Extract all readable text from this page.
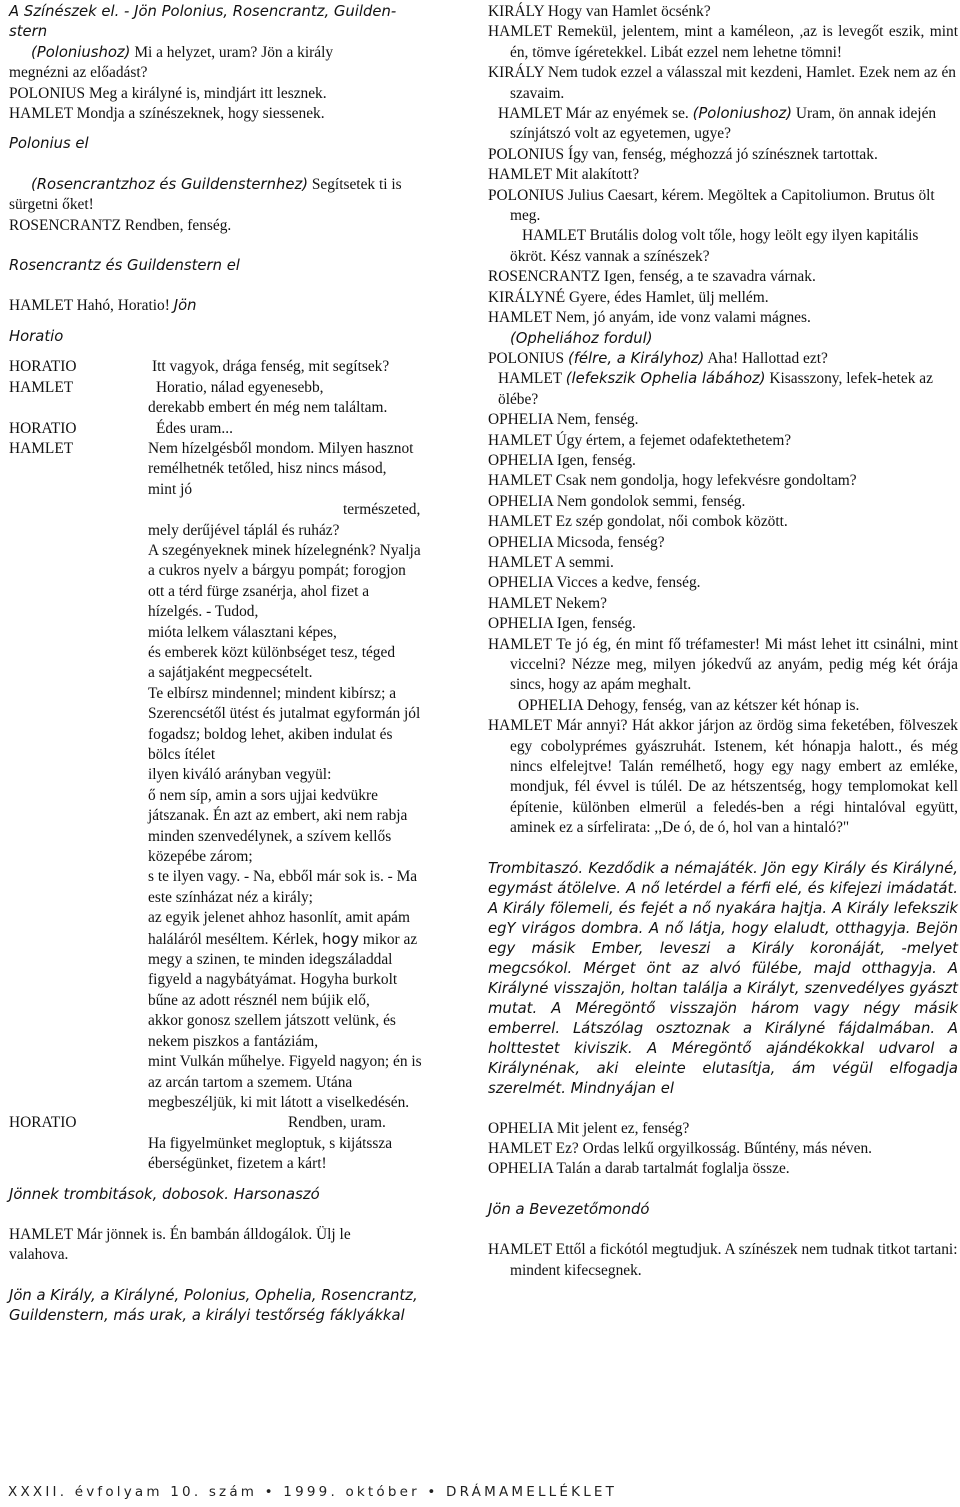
A Színészek el. - Jön Polonius, Rosencrantz, Guilden-
stern
(Poloniushoz) Mi a helyzet, uram? Jön a király
megnézni az előadást?
POLONIUS Meg a királyné is, mindjárt itt lesznek.
HAMLET Mondja a színészeknek, hogy siessenek.
Polonius el
(Rosencrantzhoz és Guildensternhez) Segítsetek ti is
sürgetni őket!
ROSENCRANTZ Rendben, fenség.
Rosencrantz és Guildenstern el
HAMLET Hahó, Horatio! Jön
Horatio
HORATIO	Itt vagyok, drága fenség, mit segítsek?
HAMLET	Horatio, nálad egyenesebb,
derekabb embert én még nem találtam.
HORATIO	Édes uram...
HAMLET	Nem hízelgésből mondom. Milyen hasznot
remélhetnék tetőled, hisz nincs másod,
mint jó
természeted,
mely derűjével táplál és ruház?
A szegényeknek minek hízelegnénk? Nyalja
a cukros nyelv a bárgyu pompát; forogjon
ott a térd fürge zsanérja, ahol fizet a
hízelgés. - Tudod,
mióta lelkem választani képes,
és emberek közt különbséget tesz, téged
a sajátjaként megpecsételt.
Te elbírsz mindennel; mindent kibírsz; a
Szerencsétől ütést és jutalmat egyformán jól
fogadsz; boldog lehet, akiben indulat és
bölcs ítélet
ilyen kiváló arányban vegyül:
ő nem síp, amin a sors ujjai kedvükre
játszanak. Én azt az embert, aki nem rabja
minden szenvedélynek, a szívem kellős
közepébe zárom;
s te ilyen vagy. - Na, ebből már sok is. - Ma
este színházat néz a király;
az egyik jelenet ahhoz hasonlít, amit apám
haláláról meséltem. Kérlek, hogy mikor az
megy a szinen, te minden idegszáladdal
figyeld a nagybátyámat. Hogyha burkolt
bűne az adott résznél nem bújik elő,
akkor gonosz szellem játszott velünk, és
nekem piszkos a fantáziám,
mint Vulkán műhelye. Figyeld nagyon; én is
az arcán tartom a szemem. Utána
megbeszéljük, ki mit látott a viselkedésén.
HORATIO	Rendben, uram.
Ha figyelmünket megloptuk, s kijátssza
éberségünket, fizetem a kárt!
Jönnek trombitások, dobosok. Harsonaszó
HAMLET Már jönnek is. Én bambán álldogálok. Ülj le
valahova.
Jön a Király, a Királyné, Polonius, Ophelia, Rosencrantz,
Guildenstern, más urak, a királyi testőrség fáklyákkal
KIRÁLY Hogy van Hamlet öcsénk?
HAMLET Remekül, jelentem, mint a kaméleon, ,az is levegőt eszik, mint én, tömve ígéretekkel. Libát ezzel nem lehetne tömni!
KIRÁLY Nem tudok ezzel a válasszal mit kezdeni, Hamlet. Ezek nem az én szavaim.
HAMLET Már az enyémek se. (Poloniushoz) Uram, ön annak idején színjátszó volt az egyetemen, ugye?
POLONIUS Így van, fenség, méghozzá jó színésznek tartottak.
HAMLET Mit alakított?
POLONIUS Julius Caesart, kérem. Megöltek a Capitoliumon. Brutus ölt meg.
HAMLET Brutális dolog volt tőle, hogy leölt egy ilyen kapitális ökröt. Kész vannak a színészek?
ROSENCRANTZ Igen, fenség, a te szavadra várnak.
KIRÁLYNÉ Gyere, édes Hamlet, ülj mellém.
HAMLET Nem, jó anyám, ide vonz valami mágnes.
(Opheliához fordul)
POLONIUS (félre, a Királyhoz) Aha! Hallottad ezt?
HAMLET (lefekszik Ophelia lábához) Kisasszony, lefek-hetek az ölébe?
OPHELIA Nem, fenség.
HAMLET Úgy értem, a fejemet odafektethetem?
OPHELIA Igen, fenség.
HAMLET Csak nem gondolja, hogy lefekvésre gondoltam?
OPHELIA Nem gondolok semmi, fenség.
HAMLET Ez szép gondolat, női combok között.
OPHELIA Micsoda, fenség?
HAMLET A semmi.
OPHELIA Vicces a kedve, fenség.
HAMLET Nekem?
OPHELIA Igen, fenség.
HAMLET Te jó ég, én mint fő tréfamester! Mi mást lehet itt csinálni, mint viccelni? Nézze meg, milyen jókedvű az anyám, pedig még két órája sincs, hogy az apám meghalt.
OPHELIA Dehogy, fenség, van az kétszer két hónap is.
HAMLET Már annyi? Hát akkor járjon az ördög sima feketében, fölveszek egy cobolyprémes gyászruhát. Istenem, két hónapja halott., és még nincs elfelejtve! Talán remélhető, hogy egy nagy embert az emléke, mondjuk, fél évvel is túlél. De az hétszentség, hogy templomokat kell építenie, különben elmerül a feledés-ben a régi hintalóval együtt, aminek ez a sírfelirata: ,,De ó, de ó, hol van a hintaló?"
Trombitaszó. Kezdődik a némajáték. Jön egy Király és Királyné, egymást átölelve. A nő letérdel a férfi elé, és kifejezi imádatát. A Király fölemeli, és fejét a nő nyakára hajtja. A Király lefekszik egY virágos dombra. A nő látja, hogy elaludt, otthagyja. Bejön egy másik Ember, leveszi a Király koronáját, -melyet megcsókol. Mérget önt az alvó fülébe, majd otthagyja. A Királyné visszajön, holtan találja a Királyt, szenvedélyes gyászt mutat. A Méregöntő visszajön három vagy négy másik emberrel. Látszólag osztoznak a Királyné fájdalmában. A holttestet kiviszik. A Méregöntő ajándékokkal udvarol a Királynénak, aki eleinte elutasítja, ám végül elfogadja szerelmét. Mindnyájan el
OPHELIA Mit jelent ez, fenség?
HAMLET Ez? Ordas lelkű orgyilkosság. Bűntény, más néven.
OPHELIA Talán a darab tartalmát foglalja össze.
Jön a Bevezetőmondó
HAMLET Ettől a fickótól megtudjuk. A színészek nem tudnak titkot tartani: mindent kifecsegnek.
XXXII. évfolyam 10. szám • 1999. október • DRÁMAMELLÉKLET
